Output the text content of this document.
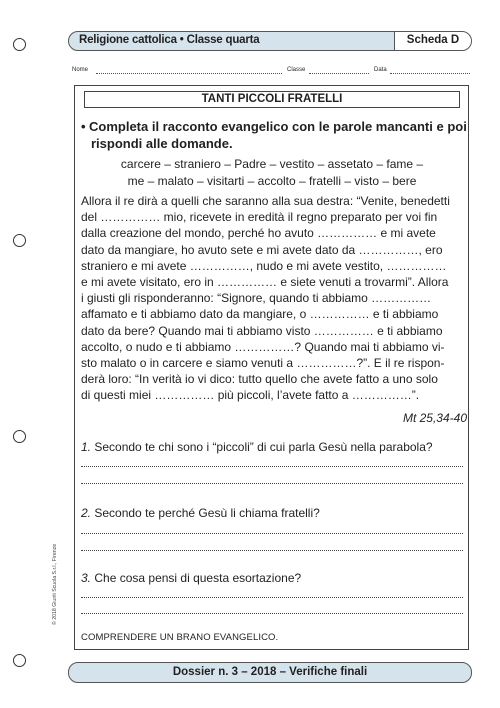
Religione cattolica • Classe quarta	Scheda D
Nome	Classe	Data
TANTI PICCOLI FRATELLI
• Completa il racconto evangelico con le parole mancanti e poi rispondi alle domande.
carcere – straniero – Padre – vestito – assetato – fame –
me – malato – visitarti – accolto – fratelli – visto – bere
Allora il re dirà a quelli che saranno alla sua destra: “Venite, benedetti
del …………… mio, ricevete in eredità il regno preparato per voi fin
dalla creazione del mondo, perché ho avuto …………… e mi avete
dato da mangiare, ho avuto sete e mi avete dato da ……………, ero
straniero e mi avete ……………, nudo e mi avete vestito, ……………
e mi avete visitato, ero in …………… e siete venuti a trovarmi”. Allora
i giusti gli risponderanno: “Signore, quando ti abbiamo ……………
affamato e ti abbiamo dato da mangiare, o …………… e ti abbiamo
dato da bere? Quando mai ti abbiamo visto …………… e ti abbiamo
accolto, o nudo e ti abbiamo ……………? Quando mai ti abbiamo vi-
sto malato o in carcere e siamo venuti a ……………?”. E il re rispon-
derà loro: “In verità io vi dico: tutto quello che avete fatto a uno solo
di questi miei …………… più piccoli, l’avete fatto a ……………”.
Mt 25,34-40
1. Secondo te chi sono i “piccoli” di cui parla Gesù nella parabola?
2. Secondo te perché Gesù li chiama fratelli?
3. Che cosa pensi di questa esortazione?
COMPRENDERE UN BRANO EVANGELICO.
© 2018 Giunti Scuola S.r.l., Firenze
Dossier n. 3 – 2018 – Verifiche finali
